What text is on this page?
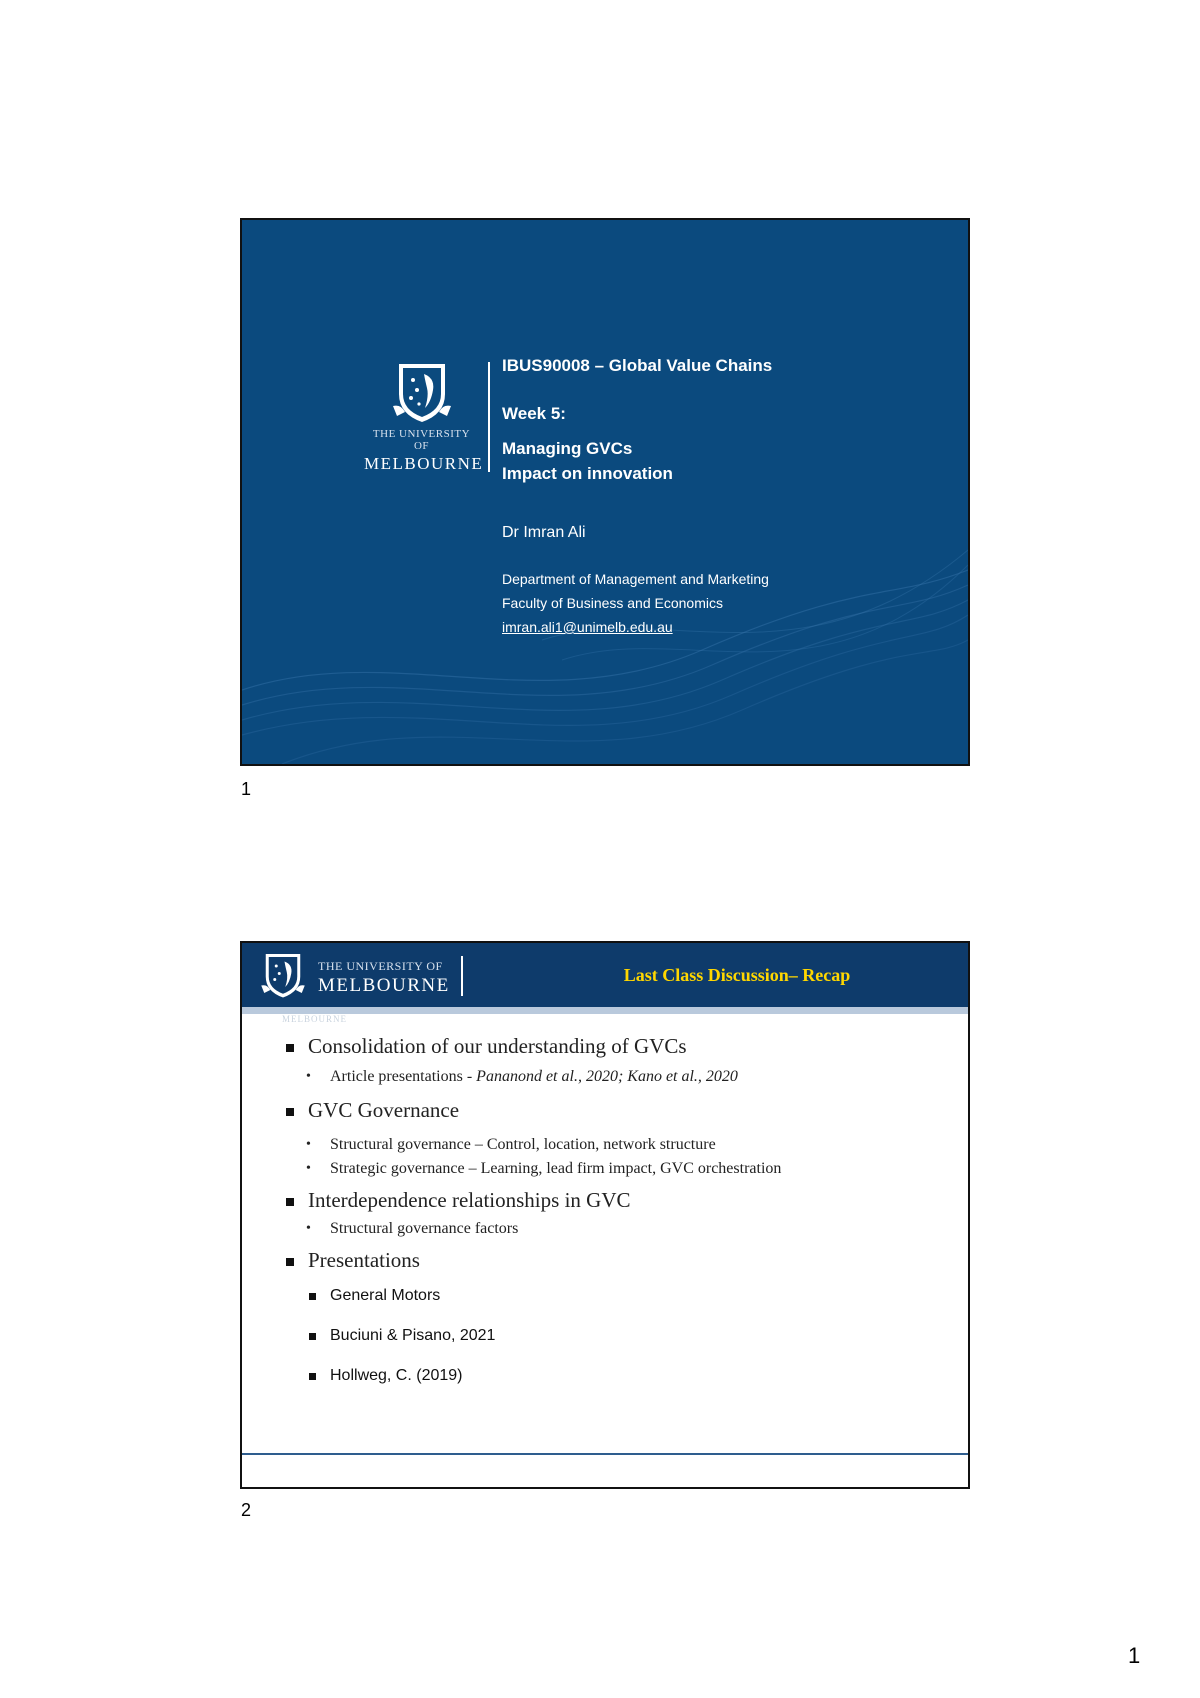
THE UNIVERSITY OF
MELBOURNE
IBUS90008 – Global Value Chains
Week 5:
Managing GVCs
Impact on innovation
Dr Imran Ali
Department of Management and Marketing
Faculty of Business and Economics
imran.ali1@unimelb.edu.au
1
THE UNIVERSITY OF
MELBOURNE	Last Class Discussion– Recap
MELBOURNE
Consolidation of our understanding of GVCs
• Article presentations - Pananond et al., 2020; Kano et al., 2020
GVC Governance
• Structural governance – Control, location, network structure
• Strategic governance – Learning, lead firm impact, GVC orchestration
Interdependence relationships in GVC
• Structural governance factors
Presentations
General Motors
Buciuni & Pisano, 2021
Hollweg, C. (2019)
2
1
